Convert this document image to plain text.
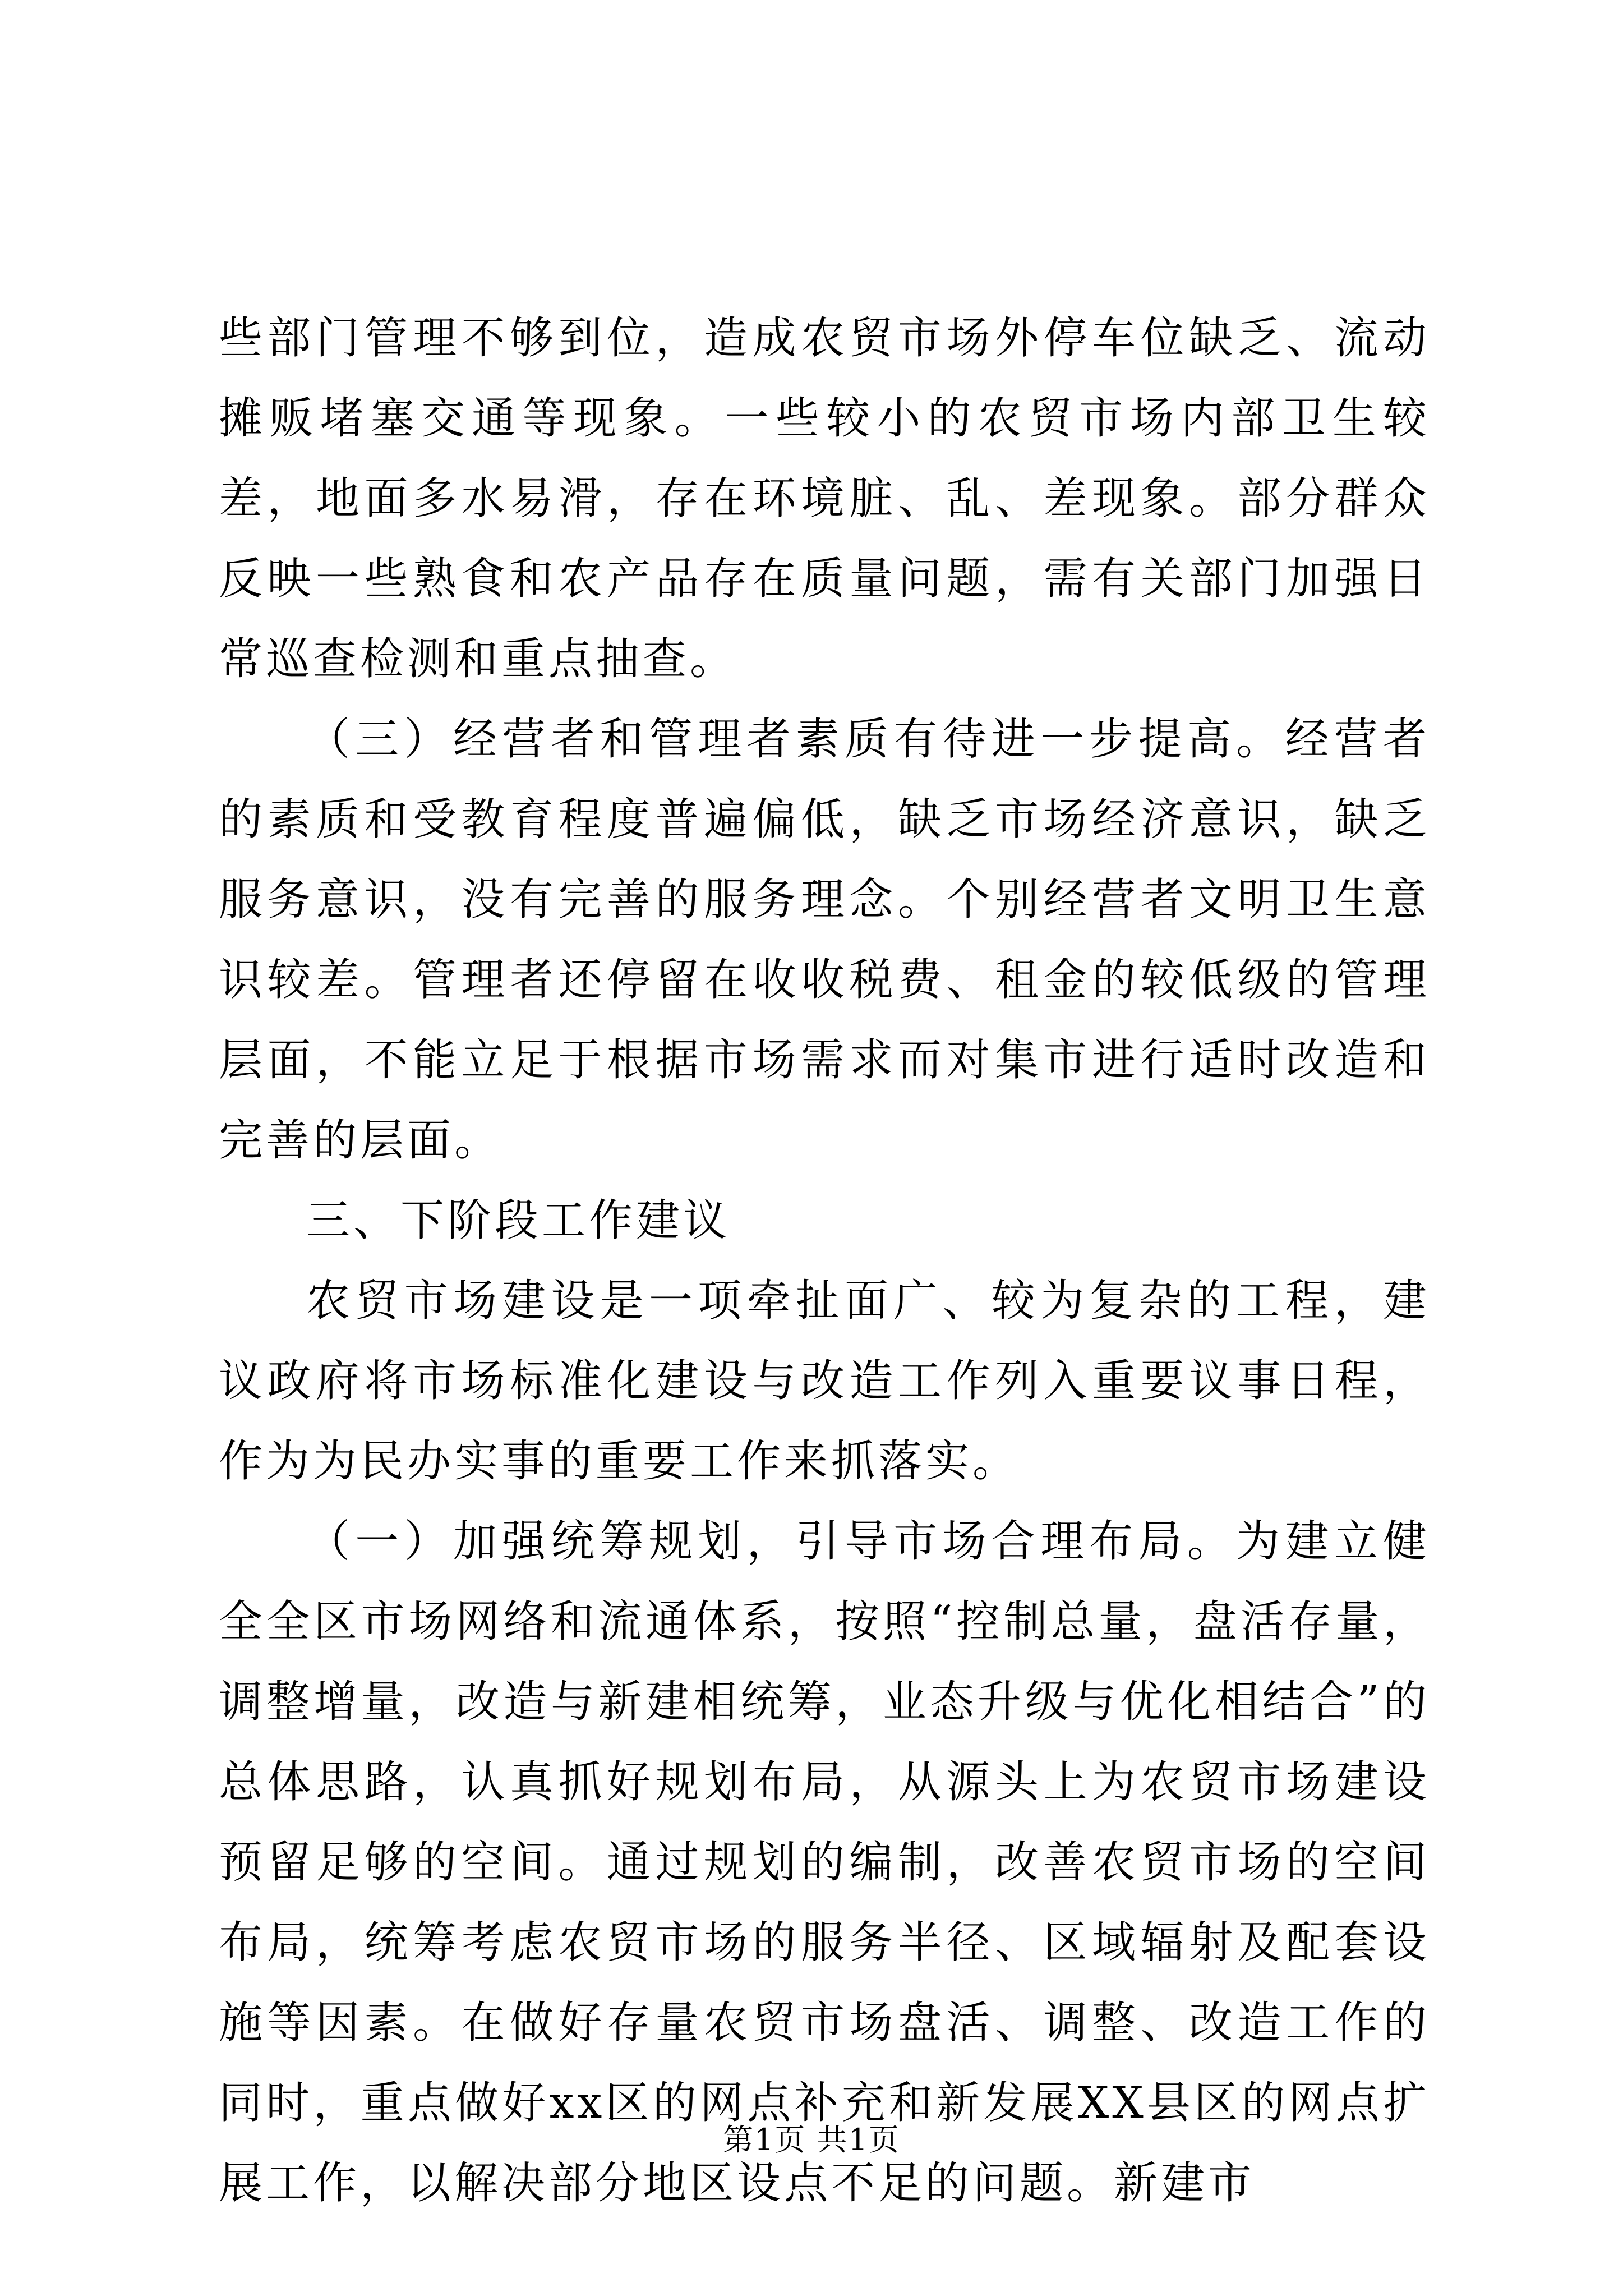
些部门管理不够到位，造成农贸市场外停车位缺乏、流动摊贩堵塞交通等现象。一些较小的农贸市场内部卫生较差，地面多水易滑，存在环境脏、乱、差现象。部分群众反映一些熟食和农产品存在质量问题，需有关部门加强日常巡查检测和重点抽查。

（三）经营者和管理者素质有待进一步提高。经营者的素质和受教育程度普遍偏低，缺乏市场经济意识，缺乏服务意识，没有完善的服务理念。个别经营者文明卫生意识较差。管理者还停留在收收税费、租金的较低级的管理层面，不能立足于根据市场需求而对集市进行适时改造和完善的层面。

三、下阶段工作建议

农贸市场建设是一项牵扯面广、较为复杂的工程，建议政府将市场标准化建设与改造工作列入重要议事日程，作为为民办实事的重要工作来抓落实。

（一）加强统筹规划，引导市场合理布局。为建立健全全区市场网络和流通体系，按照“控制总量，盘活存量，调整增量，改造与新建相统筹，业态升级与优化相结合”的总体思路，认真抓好规划布局，从源头上为农贸市场建设预留足够的空间。通过规划的编制，改善农贸市场的空间布局，统筹考虑农贸市场的服务半径、区域辐射及配套设施等因素。在做好存量农贸市场盘活、调整、改造工作的同时，重点做好xx区的网点补充和新发展XX县区的网点扩展工作，以解决部分地区设点不足的问题。新建市

第1页 共1页
